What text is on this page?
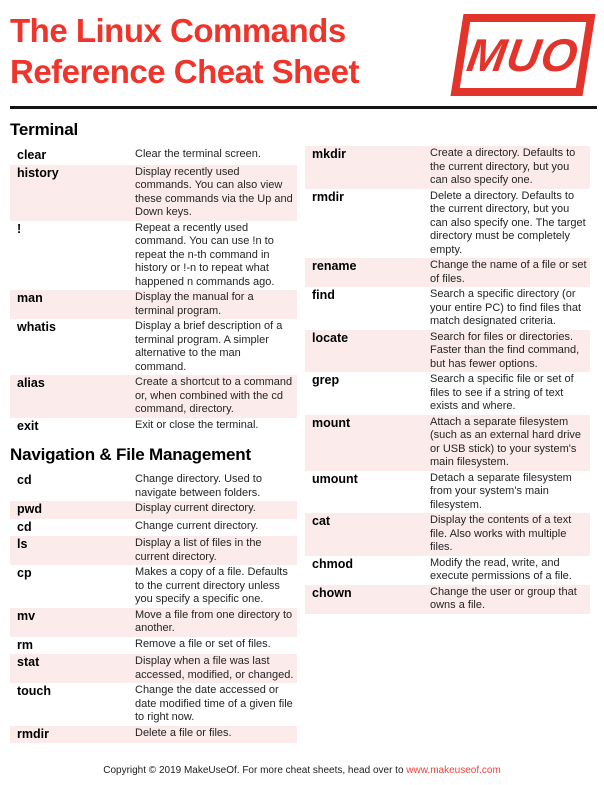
The Linux Commands
Reference Cheat Sheet MUO
Terminal
clear	Clear the terminal screen.
history	Display recently used commands. You can also view these commands via the Up and Down keys.
!	Repeat a recently used command. You can use !n to repeat the n-th command in history or !-n to repeat what happened n commands ago.
man	Display the manual for a terminal program.
whatis	Display a brief description of a terminal program. A simpler alternative to the man command.
alias	Create a shortcut to a command or, when combined with the cd command, directory.
exit	Exit or close the terminal.
Navigation & File Management
cd	Change directory. Used to navigate between folders.
pwd	Display current directory.
cd	Change current directory.
ls	Display a list of files in the current directory.
cp	Makes a copy of a file. Defaults to the current directory unless you specify a specific one.
mv	Move a file from one directory to another.
rm	Remove a file or set of files.
stat	Display when a file was last accessed, modified, or changed.
touch	Change the date accessed or date modified time of a given file to right now.
rmdir	Delete a file or files.
mkdir	Create a directory. Defaults to the current directory, but you can also specify one.
rmdir	Delete a directory. Defaults to the current directory, but you can also specify one. The target directory must be completely empty.
rename	Change the name of a file or set of files.
find	Search a specific directory (or your entire PC) to find files that match designated criteria.
locate	Search for files or directories. Faster than the find command, but has fewer options.
grep	Search a specific file or set of files to see if a string of text exists and where.
mount	Attach a separate filesystem (such as an external hard drive or USB stick) to your system's main filesystem.
umount	Detach a separate filesystem from your system's main filesystem.
cat	Display the contents of a text file. Also works with multiple files.
chmod	Modify the read, write, and execute permissions of a file.
chown	Change the user or group that owns a file.
Copyright © 2019 MakeUseOf. For more cheat sheets, head over to www.makeuseof.com
